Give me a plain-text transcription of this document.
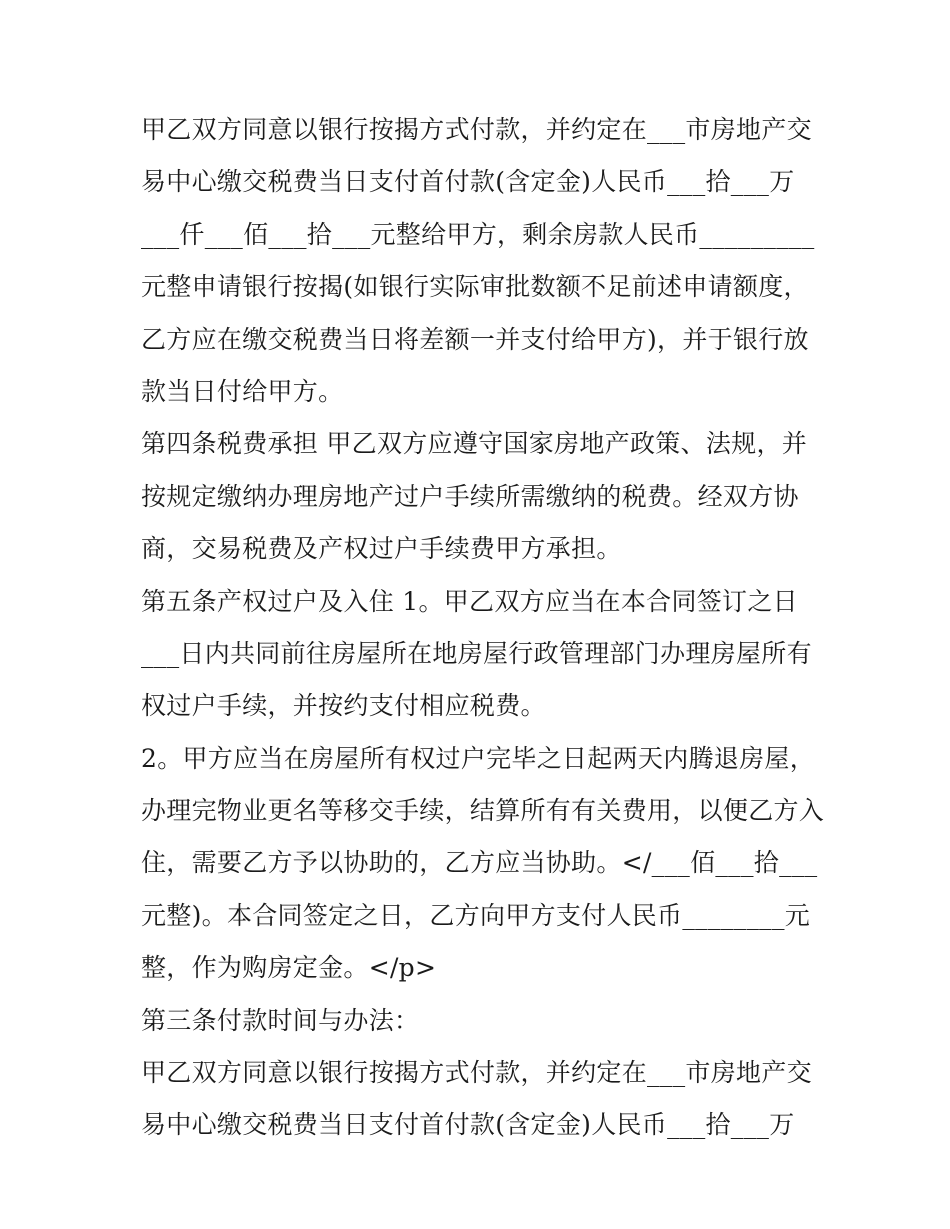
甲乙双方同意以银行按揭方式付款，并约定在___市房地产交
易中心缴交税费当日支付首付款(含定金)人民币___拾___万
___仟___佰___拾___元整给甲方，剩余房款人民币_________
元整申请银行按揭(如银行实际审批数额不足前述申请额度，
乙方应在缴交税费当日将差额一并支付给甲方)，并于银行放
款当日付给甲方。
第四条税费承担 甲乙双方应遵守国家房地产政策、法规，并
按规定缴纳办理房地产过户手续所需缴纳的税费。经双方协
商，交易税费及产权过户手续费甲方承担。
第五条产权过户及入住 1。甲乙双方应当在本合同签订之日
___日内共同前往房屋所在地房屋行政管理部门办理房屋所有
权过户手续，并按约支付相应税费。
2。甲方应当在房屋所有权过户完毕之日起两天内腾退房屋，
办理完物业更名等移交手续，结算所有有关费用，以便乙方入
住，需要乙方予以协助的，乙方应当协助。</___佰___拾___
元整)。本合同签定之日，乙方向甲方支付人民币________元
整，作为购房定金。</p>
第三条付款时间与办法：
甲乙双方同意以银行按揭方式付款，并约定在___市房地产交
易中心缴交税费当日支付首付款(含定金)人民币___拾___万
